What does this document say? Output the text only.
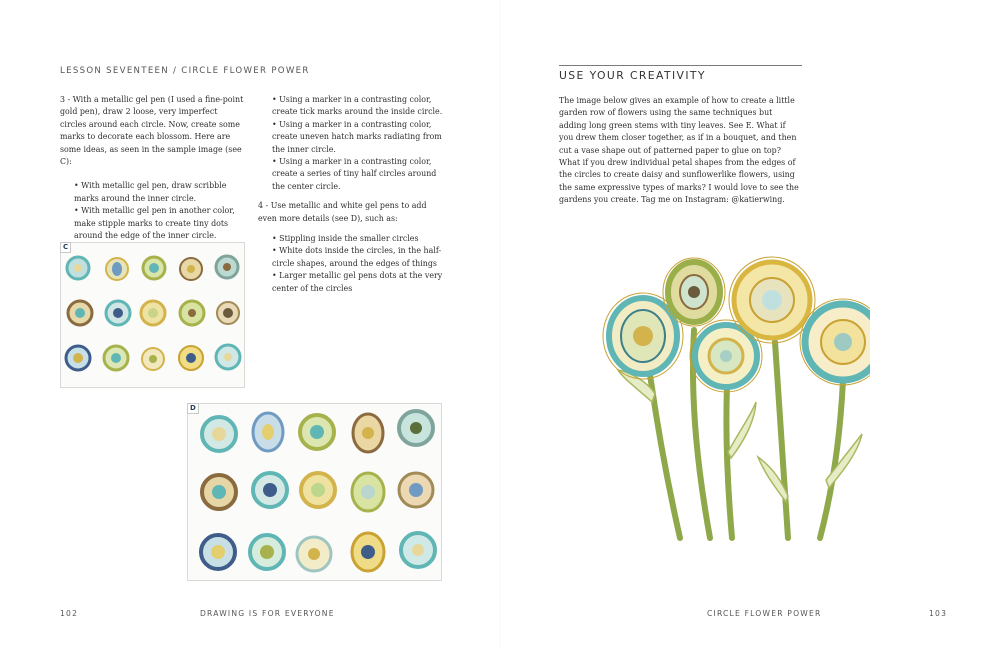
LESSON SEVENTEEN / CIRCLE FLOWER POWER

3 - With a metallic gel pen (I used a fine-point gold pen), draw 2 loose, very imperfect circles around each circle. Now, create some marks to decorate each blossom. Here are some ideas, as seen in the sample image (see C):

• With metallic gel pen, draw scribble marks around the inner circle.

• With metallic gel pen in another color, make stipple marks to create tiny dots around the edge of the inner circle.

• Using a marker in a contrasting color, create tick marks around the inside circle.

• Using a marker in a contrasting color, create uneven hatch marks radiating from the inner circle.

• Using a marker in a contrasting color, create a series of tiny half circles around the center circle.

4 - Use metallic and white gel pens to add even more details (see D), such as:

• Stippling inside the smaller circles

• White dots inside the circles, in the half-circle shapes, around the edges of things

• Larger metallic gel pens dots at the very center of the circles

C
D
102	DRAWING IS FOR EVERYONE
USE YOUR CREATIVITY

The image below gives an example of how to create a little garden row of flowers using the same techniques but adding long green stems with tiny leaves. See E. What if you drew them closer together, as if in a bouquet, and then cut a vase shape out of patterned paper to glue on top? What if you drew individual petal shapes from the edges of the circles to create daisy and sunflowerlike flowers, using the same expressive types of marks? I would love to see the gardens you create. Tag me on Instagram: @katierwing.

CIRCLE FLOWER POWER	103
